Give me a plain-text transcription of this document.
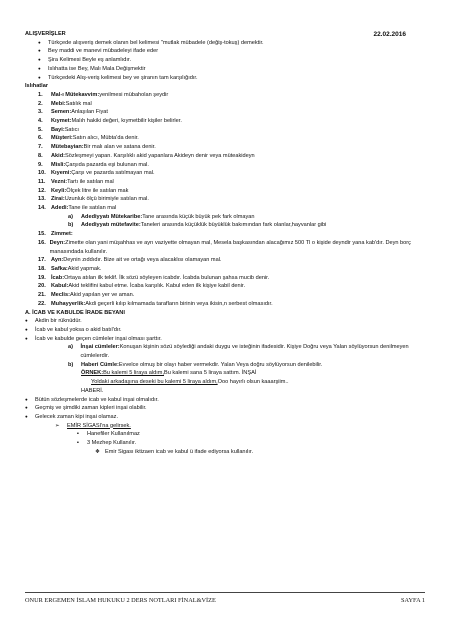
22.02.2016
ALIŞVERİŞLER
●	Türkçede alışveriş demek olanın bel kelimesi "mutlak mübadele (değiş-tokuş) demektir.
●	Bey maddi ve manevi mübadeleyi ifade eder
●	Şira Kelimesi Beyle eş anlamlıdır.
●	Islıhatta ise Bey, Malı Mala Değişmektir
●	Türkçedeki Alış-veriş kelimesi bey ve şiranın tam karşılığıdır.
Islıhatlar
1.	Mal-ı Mütekavvim:yenilmesi mübaholan şeydir
2.	Mebi:Satılık mal
3.	Semen:Anlaşılan Fiyat
4.	Kıymet:Malıh hakiki değeri, kıymetbilir kişiler belirler.
5.	Bayi:Satıcı
6.	Müşteri:Satın alıcı, Mübta'da denir.
7.	Mütebayian:Bir malı alan ve satana denir.
8.	Akid:Sözleşmeyi yapan. Karşılıklı akid yapanlara Akideyn denir veya müteakideyn
9.	Misli:Çarşıda pazarda eşi bulunan mal.
10. Kıyemi:Çarşı ve pazarda satılmayan mal.
11. Vezni:Tartı ile satılan mal
12. Keyli:Ölçek litre ile satılan mak
13. Zirai:Uzunluk ölçü birimiyle satılan mal.
14. Adedi:Tane ile satılan mal
a)	Adediyyatı Mütekaribe:Tane arasında küçük büyük pek fark olmayan
b)	Adediyyatı mütefavite:Taneleri arasında küçüklük büyüklük bakımından fark olanlar,hayvanlar gibi
15. Zimmet:
16. Deyn:Zimette olan yani müşahhas ve ayrı vaziyette olmayan mal, Mesela başkasından alacağımız 500 Tl o kişide deyndir yana kab'dır. Deyn borç manasındada kullanılır.
17. Ayn:Deynin zıddıdır. Bize ait ve ortağı veya alacaklısı olamayan mal.
18. Safka:Akid yapmak.
19. İcab:Ortaya atılan ilk teklif. İlk sözü söyleyen icabdır. İcabda bulunan şahsa mucib denir.
20. Kabul:Akid teklifini kabul etme. İcaba karşılık. Kabul eden ilk kişiye kabil denir.
21. Meclis:Akid yapılan yer ve aman.
22. Muhayyerlik:Akdi geçerli kılıp kılmamada tarafların birinin veya ikisin,n serbest olmasıdır.
A. İCAB VE KABULDE İRADE BEYANI
●	Akdin bir rüknüdür.
●	İcab ve kabul yoksa o akid batıl'dır.
●	İcab ve kabulde geçen cümleler inşai olması şarttır.
a)	İnşai cümleler:Konuşan kişinin sözü söylediği andaki duygu ve isteğinin ifadesidir. Kişiye Doğru veya Yalan söylüyorsun denilmeyen cümlelerdir.
b)	Haberi Cümle:Evvelce olmuş bir olayı haber vermekdir. Yalan Veya doğru söylüyorsun denilebilir.
ÖRNEK: Bu kalemi 5 liraya aldım, Bu kalemi sana 5 liraya sattım. İNŞAİ
Yoldaki arkadaşına deseki bu kalemi 5 liraya aldım, Ooo hayırlı olsun kaaarşiim..
HABERİ.
●	Bütün sözleşmelerde icab ve kabul inşai olmalıdır.
●	Geçmiş ve şimdiki zaman kipleri inşai olabilir.
●	Gelecek zaman kipi inşai olamaz.
➢	EMİR SİGASI'na gelirsek.
▪	Hanefiler Kullanılmaz
▪	3 Mezhep Kullanılır.
❖ Emir Sigası iktizaen icab ve kabul ü ifade ediyorsa kullanılır.
ONUR ERGEMEN İSLAM HUKUKU 2 DERS NOTLARI FİNAL&VİZE	SAYFA 1
